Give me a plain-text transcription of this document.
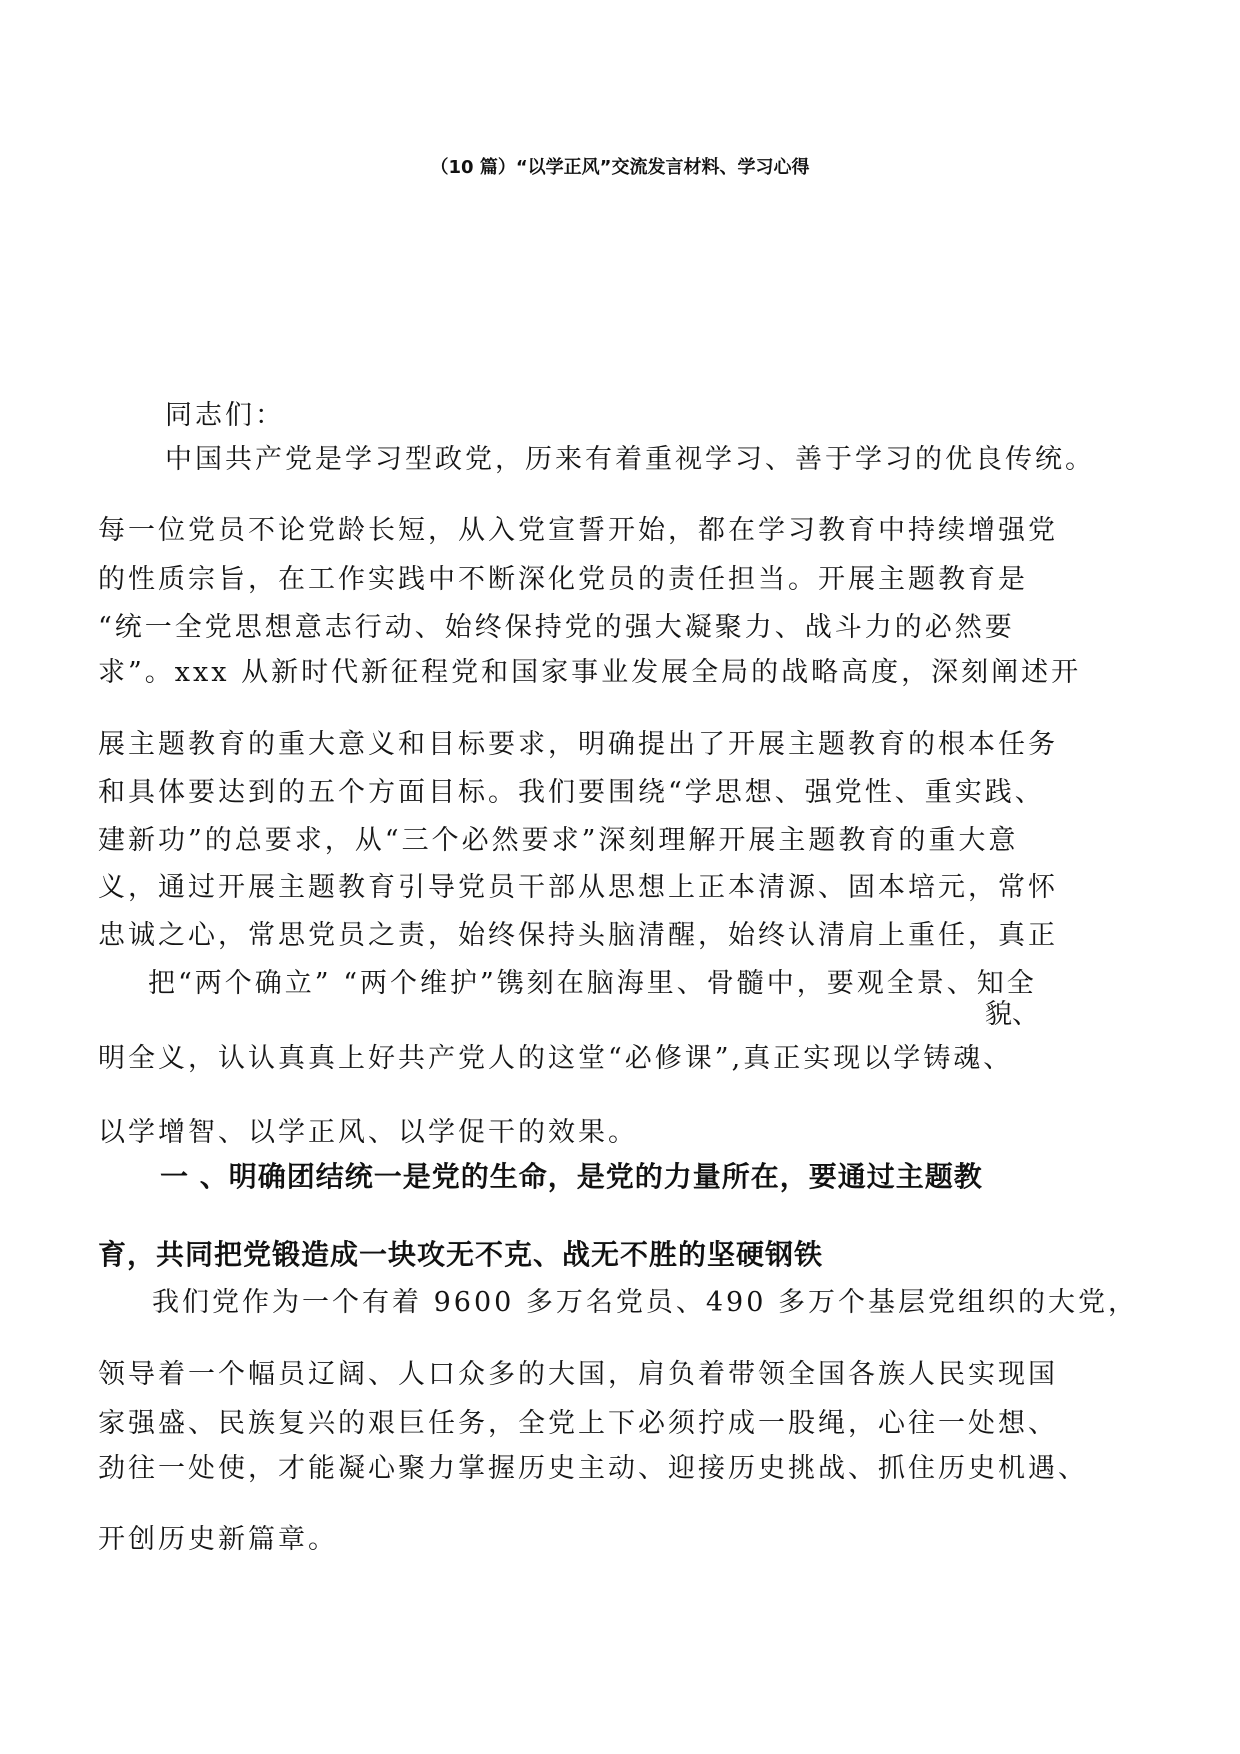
（10 篇）“以学正风”交流发言材料、学习心得
同志们：
中国共产党是学习型政党，历来有着重视学习、善于学习的优良传统。
每一位党员不论党龄长短，从入党宣誓开始，都在学习教育中持续增强党
的性质宗旨，在工作实践中不断深化党员的责任担当。开展主题教育是
“统一全党思想意志行动、始终保持党的强大凝聚力、战斗力的必然要
求”。xxx 从新时代新征程党和国家事业发展全局的战略高度，深刻阐述开
展主题教育的重大意义和目标要求，明确提出了开展主题教育的根本任务
和具体要达到的五个方面目标。我们要围绕“学思想、强党性、重实践、
建新功”的总要求，从“三个必然要求”深刻理解开展主题教育的重大意
义，通过开展主题教育引导党员干部从思想上正本清源、固本培元，常怀
忠诚之心，常思党员之责，始终保持头脑清醒，始终认清肩上重任，真正
把“两个确立” “两个维护”镌刻在脑海里、骨髓中，要观全景、知全
貌、
明全义，认认真真上好共产党人的这堂“必修课”,真正实现以学铸魂、
以学增智、以学正风、以学促干的效果。
一 、明确团结统一是党的生命，是党的力量所在，要通过主题教
育，共同把党锻造成一块攻无不克、战无不胜的坚硬钢铁
我们党作为一个有着 9600 多万名党员、490 多万个基层党组织的大党，
领导着一个幅员辽阔、人口众多的大国，肩负着带领全国各族人民实现国
家强盛、民族复兴的艰巨任务，全党上下必须拧成一股绳，心往一处想、
劲往一处使，才能凝心聚力掌握历史主动、迎接历史挑战、抓住历史机遇、
开创历史新篇章。
